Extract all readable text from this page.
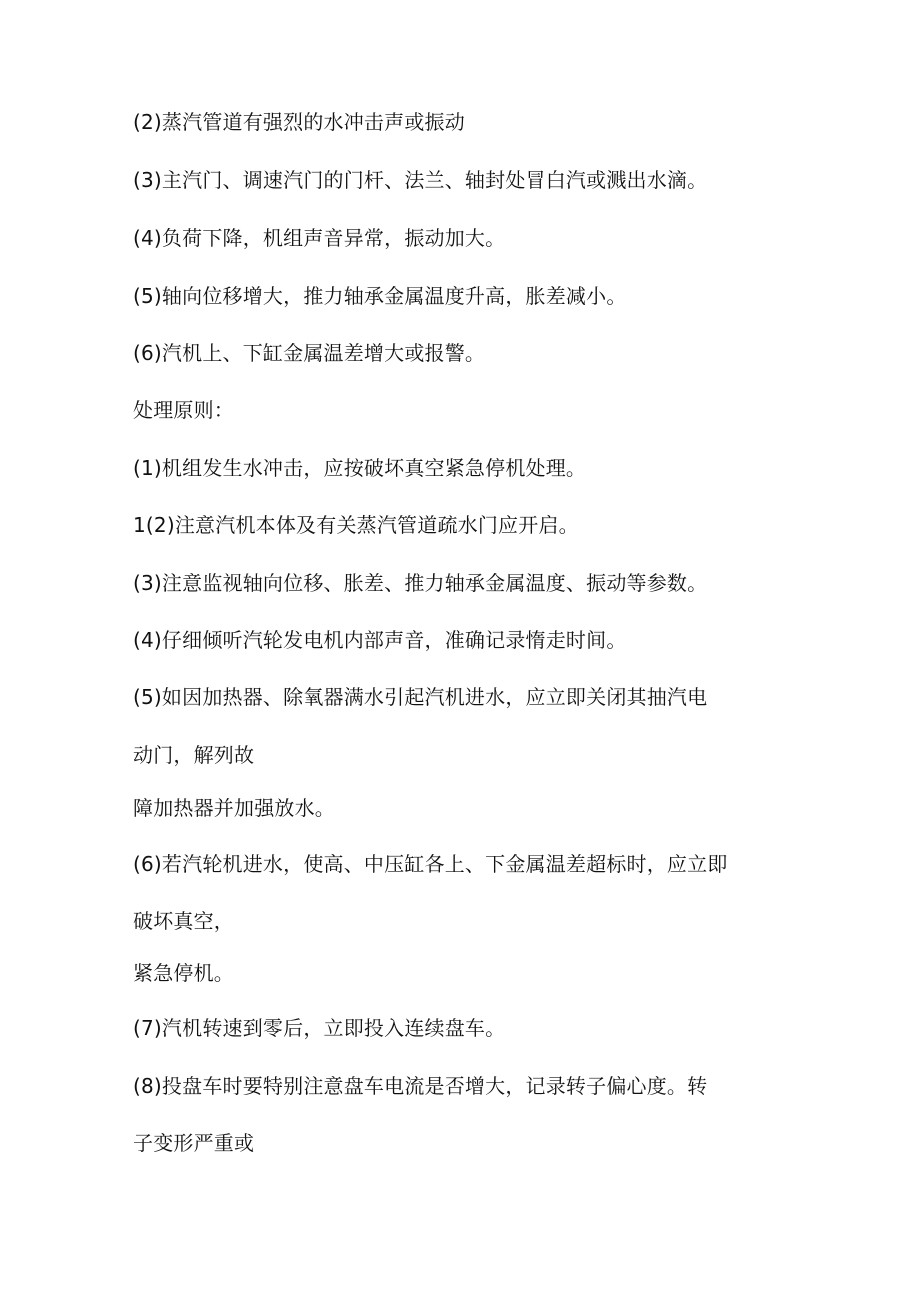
(2)蒸汽管道有强烈的水冲击声或振动
(3)主汽门、调速汽门的门杆、法兰、轴封处冒白汽或溅出水滴。
(4)负荷下降，机组声音异常，振动加大。
(5)轴向位移增大，推力轴承金属温度升高，胀差减小。
(6)汽机上、下缸金属温差增大或报警。
处理原则：
(1)机组发生水冲击，应按破坏真空紧急停机处理。
1(2)注意汽机本体及有关蒸汽管道疏水门应开启。
(3)注意监视轴向位移、胀差、推力轴承金属温度、振动等参数。
(4)仔细倾听汽轮发电机内部声音，准确记录惰走时间。
(5)如因加热器、除氧器满水引起汽机进水，应立即关闭其抽汽电
动门，解列故
障加热器并加强放水。
(6)若汽轮机进水，使高、中压缸各上、下金属温差超标时，应立即
破坏真空，
紧急停机。
(7)汽机转速到零后，立即投入连续盘车。
(8)投盘车时要特别注意盘车电流是否增大，记录转子偏心度。转
子变形严重或
